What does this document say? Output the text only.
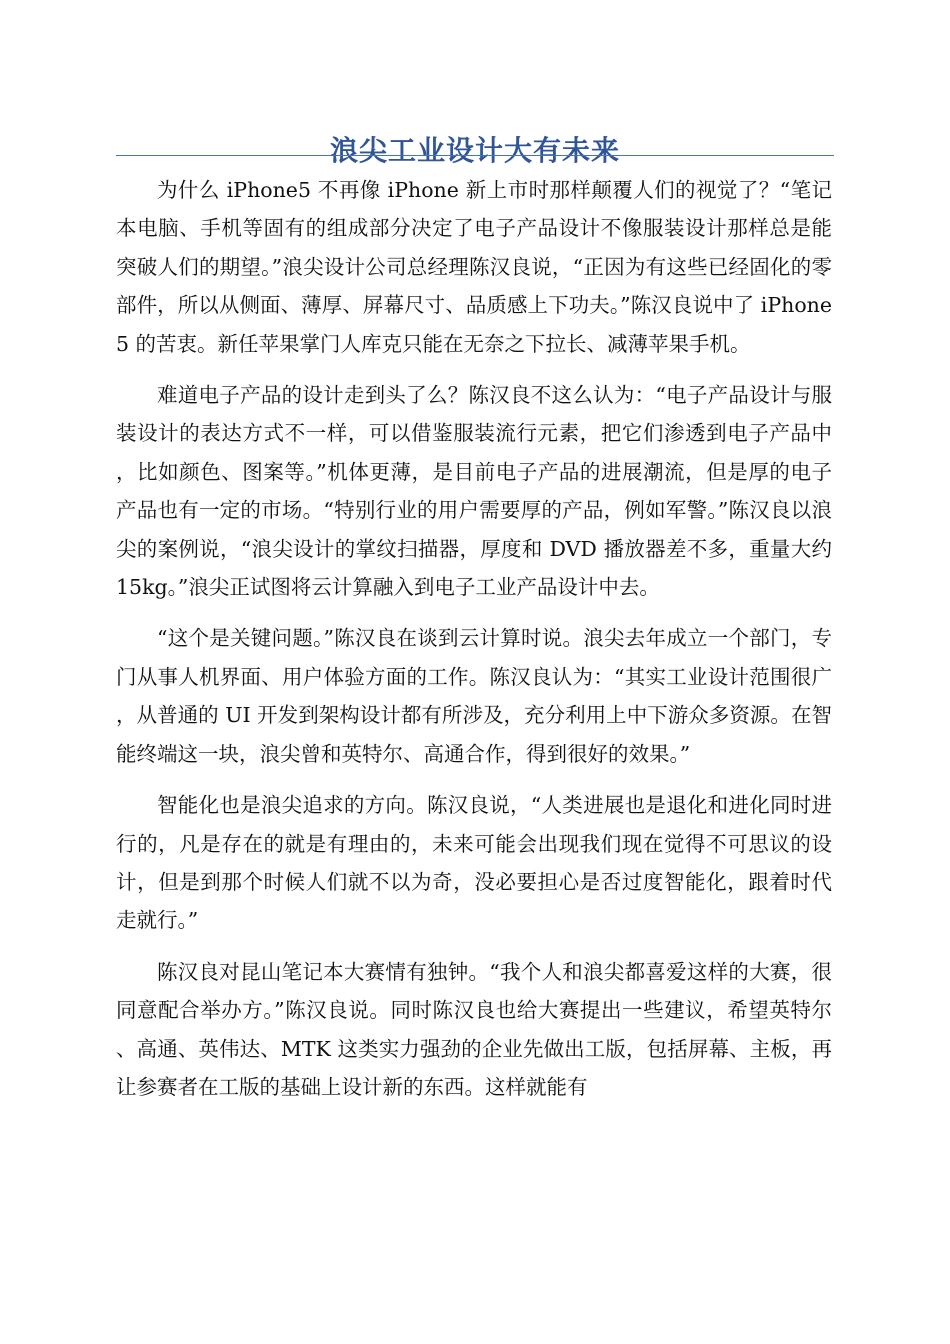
浪尖工业设计大有未来

为什么 iPhone5 不再像 iPhone 新上市时那样颠覆人们的视觉了？“笔记本电脑、手机等固有的组成部分决定了电子产品设计不像服装设计那样总是能突破人们的期望。”浪尖设计公司总经理陈汉良说，“正因为有这些已经固化的零部件，所以从侧面、薄厚、屏幕尺寸、品质感上下功夫。”陈汉良说中了 iPhone5 的苦衷。新任苹果掌门人库克只能在无奈之下拉长、减薄苹果手机。

难道电子产品的设计走到头了么？陈汉良不这么认为：“电子产品设计与服装设计的表达方式不一样，可以借鉴服装流行元素，把它们渗透到电子产品中，比如颜色、图案等。”机体更薄，是目前电子产品的进展潮流，但是厚的电子产品也有一定的市场。“特别行业的用户需要厚的产品，例如军警。”陈汉良以浪尖的案例说，“浪尖设计的掌纹扫描器，厚度和 DVD 播放器差不多，重量大约 15kg。”浪尖正试图将云计算融入到电子工业产品设计中去。

“这个是关键问题。”陈汉良在谈到云计算时说。浪尖去年成立一个部门，专门从事人机界面、用户体验方面的工作。陈汉良认为：“其实工业设计范围很广，从普通的 UI 开发到架构设计都有所涉及，充分利用上中下游众多资源。在智能终端这一块，浪尖曾和英特尔、高通合作，得到很好的效果。”

智能化也是浪尖追求的方向。陈汉良说，“人类进展也是退化和进化同时进行的，凡是存在的就是有理由的，未来可能会出现我们现在觉得不可思议的设计，但是到那个时候人们就不以为奇，没必要担心是否过度智能化，跟着时代走就行。”

陈汉良对昆山笔记本大赛情有独钟。“我个人和浪尖都喜爱这样的大赛，很同意配合举办方。”陈汉良说。同时陈汉良也给大赛提出一些建议，希望英特尔、高通、英伟达、MTK 这类实力强劲的企业先做出工版，包括屏幕、主板，再让参赛者在工版的基础上设计新的东西。这样就能有
